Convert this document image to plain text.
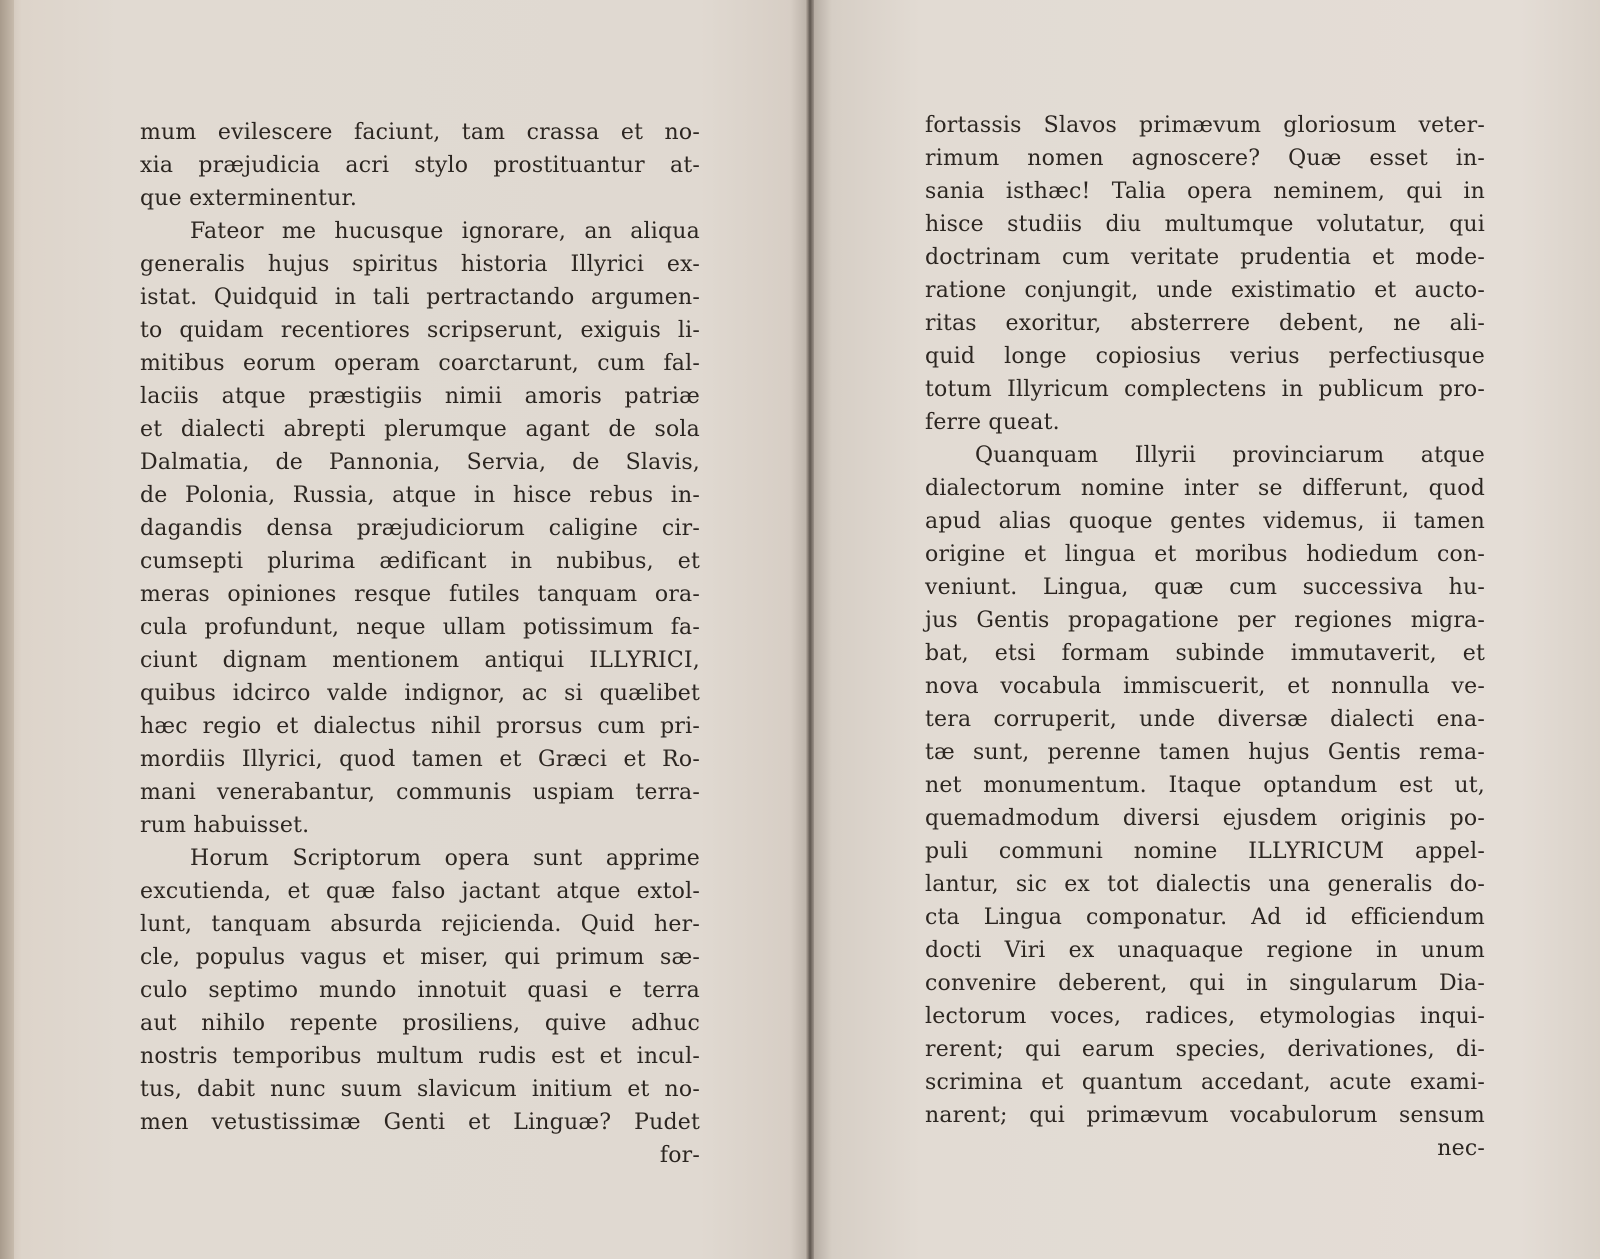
mum evilescere faciunt, tam crassa et no-
xia præjudicia acri stylo prostituantur at-
que exterminentur.
Fateor me hucusque ignorare, an aliqua
generalis hujus spiritus historia Illyrici ex-
istat. Quidquid in tali pertractando argumen-
to quidam recentiores scripserunt, exiguis li-
mitibus eorum operam coarctarunt, cum fal-
laciis atque præstigiis nimii amoris patriæ
et dialecti abrepti plerumque agant de sola
Dalmatia, de Pannonia, Servia, de Slavis,
de Polonia, Russia, atque in hisce rebus in-
dagandis densa præjudiciorum caligine cir-
cumsepti plurima ædificant in nubibus, et
meras opiniones resque futiles tanquam ora-
cula profundunt, neque ullam potissimum fa-
ciunt dignam mentionem antiqui ILLYRICI,
quibus idcirco valde indignor, ac si quælibet
hæc regio et dialectus nihil prorsus cum pri-
mordiis Illyrici, quod tamen et Græci et Ro-
mani venerabantur, communis uspiam terra-
rum habuisset.
Horum Scriptorum opera sunt apprime
excutienda, et quæ falso jactant atque extol-
lunt, tanquam absurda rejicienda. Quid her-
cle, populus vagus et miser, qui primum sæ-
culo septimo mundo innotuit quasi e terra
aut nihilo repente prosiliens, quive adhuc
nostris temporibus multum rudis est et incul-
tus, dabit nunc suum slavicum initium et no-
men vetustissimæ Genti et Linguæ? Pudet
for-
fortassis Slavos primævum gloriosum veter-
rimum nomen agnoscere? Quæ esset in-
sania isthæc! Talia opera neminem, qui in
hisce studiis diu multumque volutatur, qui
doctrinam cum veritate prudentia et mode-
ratione conjungit, unde existimatio et aucto-
ritas exoritur, absterrere debent, ne ali-
quid longe copiosius verius perfectiusque
totum Illyricum complectens in publicum pro-
ferre queat.
Quanquam Illyrii provinciarum atque
dialectorum nomine inter se differunt, quod
apud alias quoque gentes videmus, ii tamen
origine et lingua et moribus hodiedum con-
veniunt. Lingua, quæ cum successiva hu-
jus Gentis propagatione per regiones migra-
bat, etsi formam subinde immutaverit, et
nova vocabula immiscuerit, et nonnulla ve-
tera corruperit, unde diversæ dialecti ena-
tæ sunt, perenne tamen hujus Gentis rema-
net monumentum. Itaque optandum est ut,
quemadmodum diversi ejusdem originis po-
puli communi nomine ILLYRICUM appel-
lantur, sic ex tot dialectis una generalis do-
cta Lingua componatur. Ad id efficiendum
docti Viri ex unaquaque regione in unum
convenire deberent, qui in singularum Dia-
lectorum voces, radices, etymologias inqui-
rerent; qui earum species, derivationes, di-
scrimina et quantum accedant, acute exami-
narent; qui primævum vocabulorum sensum
nec-
